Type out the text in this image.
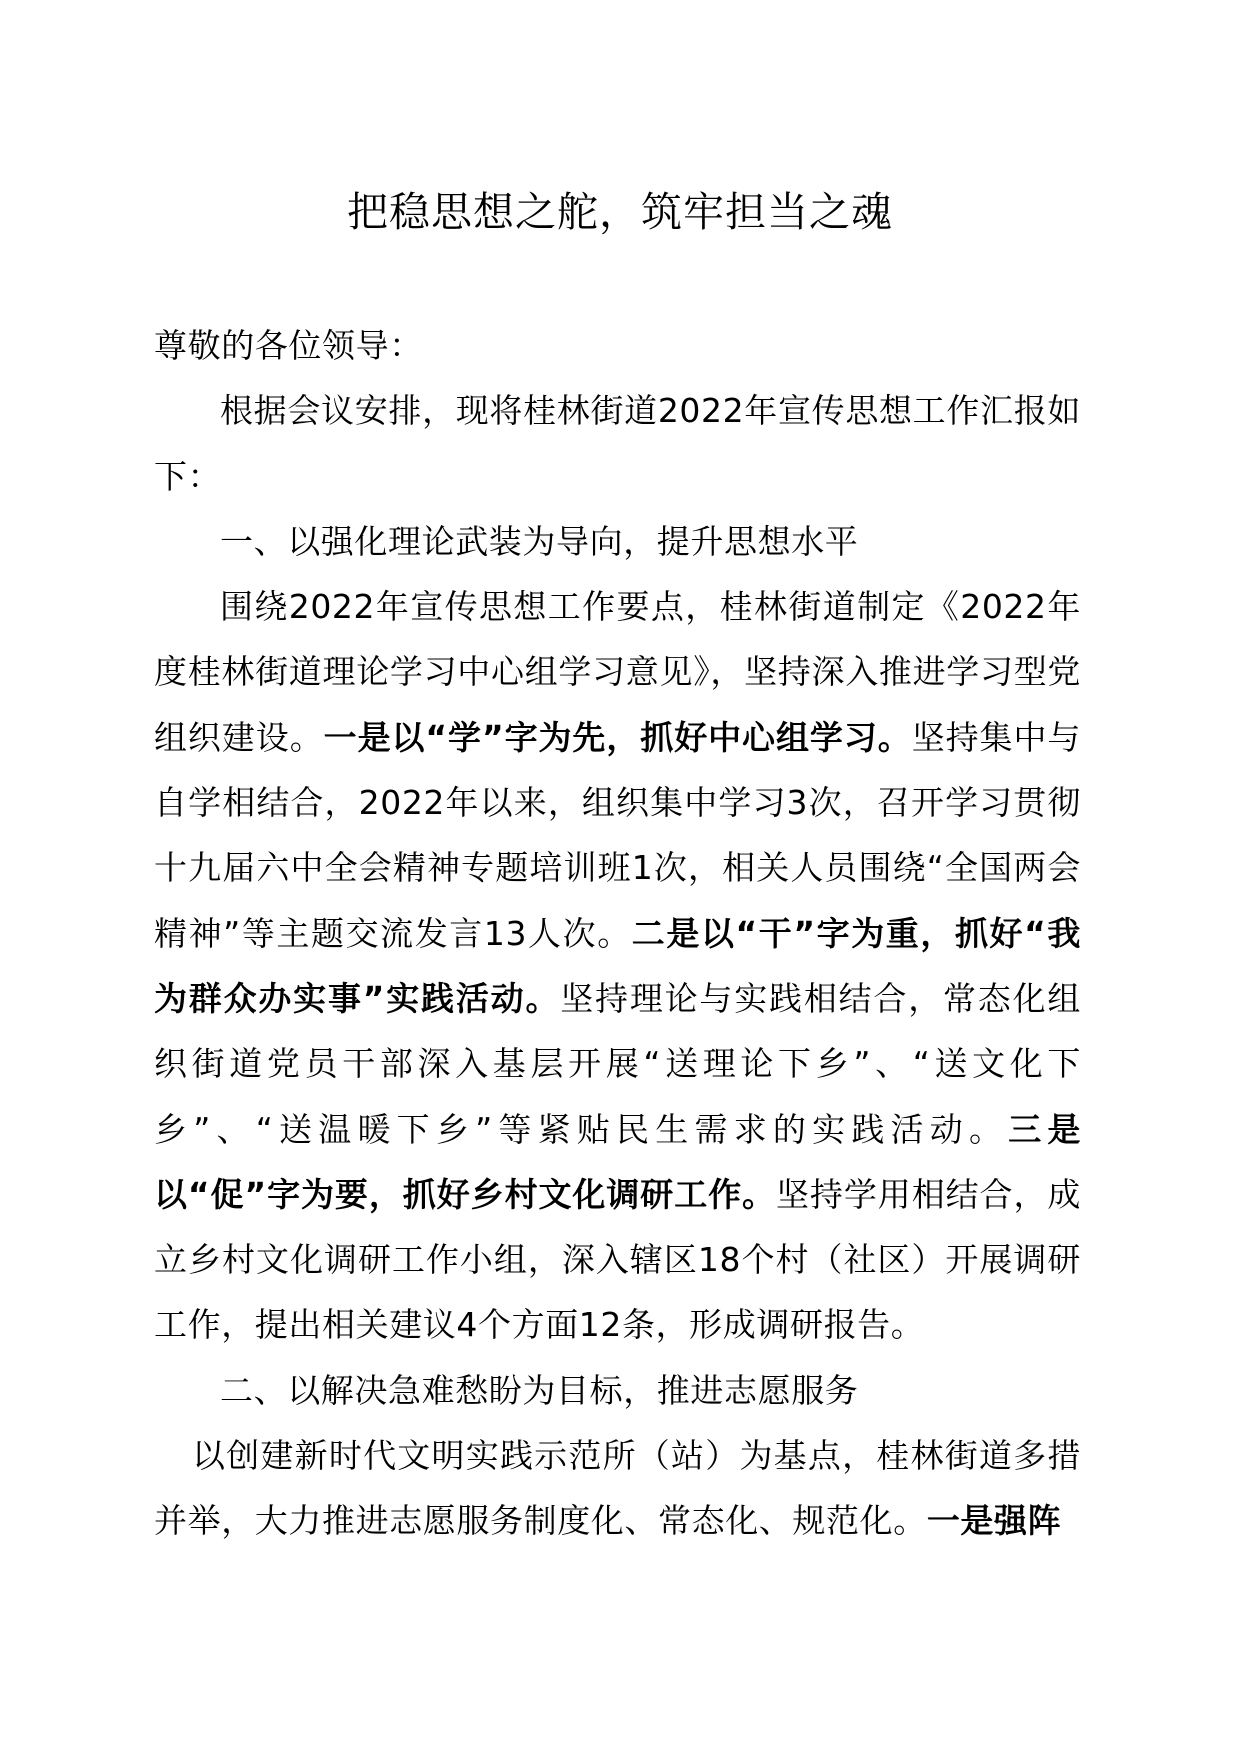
把稳思想之舵，筑牢担当之魂

尊敬的各位领导：

根据会议安排，现将桂林街道2022年宣传思想工作汇报如下：

一、以强化理论武装为导向，提升思想水平

围绕2022年宣传思想工作要点，桂林街道制定《2022年度桂林街道理论学习中心组学习意见》，坚持深入推进学习型党组织建设。一是以“学”字为先，抓好中心组学习。坚持集中与自学相结合，2022年以来，组织集中学习3次，召开学习贯彻十九届六中全会精神专题培训班1次，相关人员围绕“全国两会精神”等主题交流发言13人次。二是以“干”字为重，抓好“我为群众办实事”实践活动。坚持理论与实践相结合，常态化组织街道党员干部深入基层开展“送理论下乡”、“送文化下乡”、“送温暖下乡”等紧贴民生需求的实践活动。三是以“促”字为要，抓好乡村文化调研工作。坚持学用相结合，成立乡村文化调研工作小组，深入辖区18个村（社区）开展调研工作，提出相关建议4个方面12条，形成调研报告。

二、以解决急难愁盼为目标，推进志愿服务

以创建新时代文明实践示范所（站）为基点，桂林街道多措并举，大力推进志愿服务制度化、常态化、规范化。一是强阵
